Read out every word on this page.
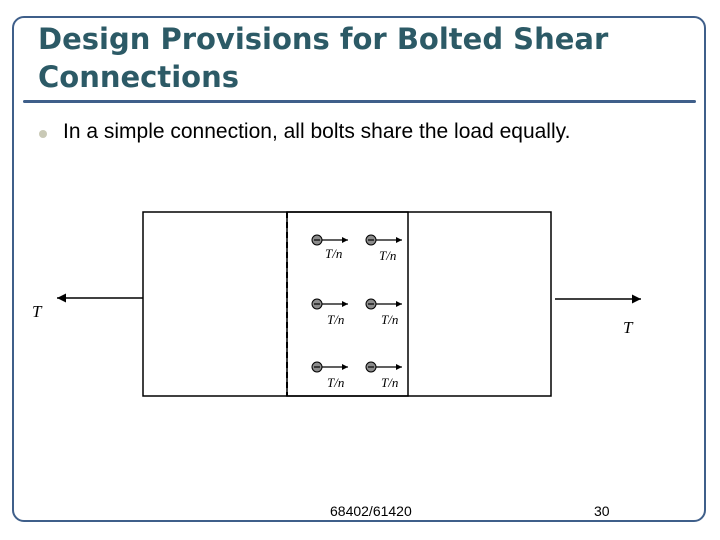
Design Provisions for Bolted Shear Connections
In a simple connection, all bolts share the load equally.
T
T
T/n	T/n
T/n	T/n
T/n	T/n
68402/61420	30
